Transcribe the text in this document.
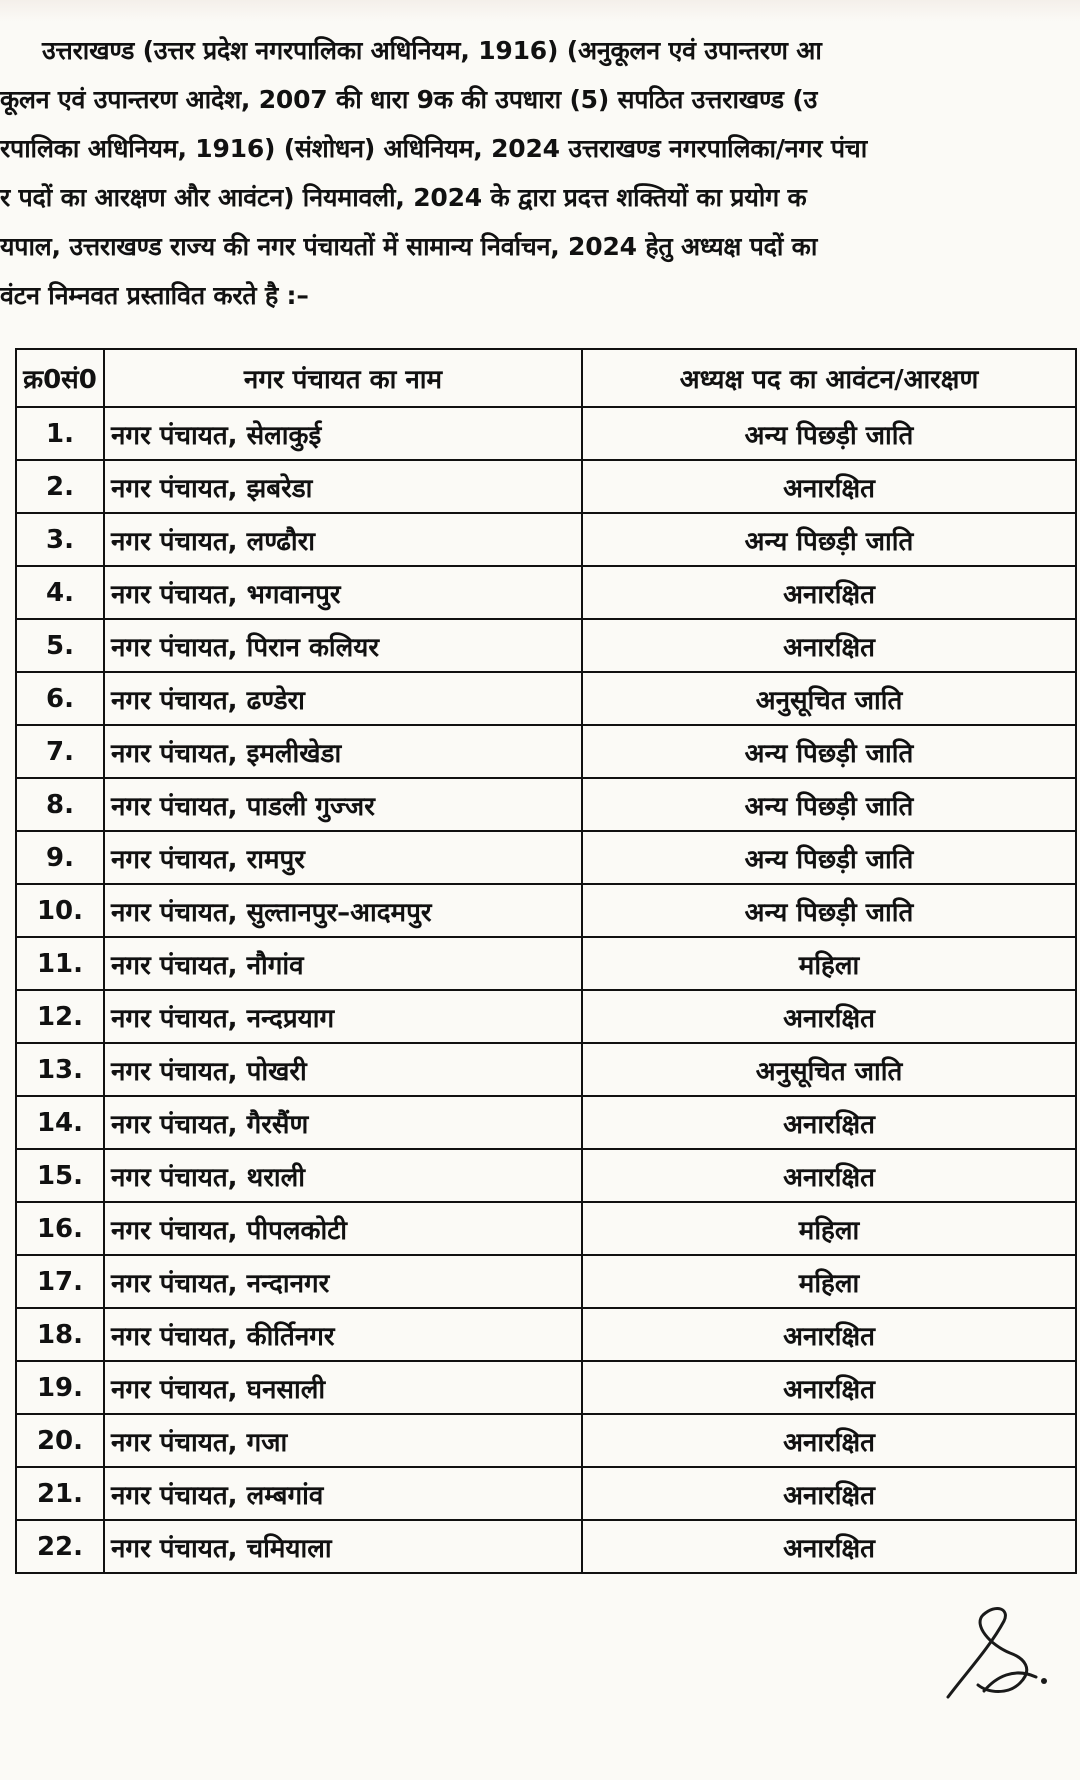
उत्तराखण्ड (उत्तर प्रदेश नगरपालिका अधिनियम, 1916) (अनुकूलन एवं उपान्तरण आ
कूलन एवं उपान्तरण आदेश, 2007 की धारा 9क की उपधारा (5) सपठित उत्तराखण्ड (उ
रपालिका अधिनियम, 1916) (संशोधन) अधिनियम, 2024 उत्तराखण्ड नगरपालिका/नगर पंचा
र पदों का आरक्षण और आवंटन) नियमावली, 2024 के द्वारा प्रदत्त शक्तियों का प्रयोग क
यपाल, उत्तराखण्ड राज्य की नगर पंचायतों में सामान्य निर्वाचन, 2024 हेतु अध्यक्ष पदों का
वंटन निम्नवत प्रस्तावित करते है :–
क्र0सं0	नगर पंचायत का नाम	अध्यक्ष पद का आवंटन/आरक्षण
1.	नगर पंचायत, सेलाकुई	अन्य पिछड़ी जाति
2.	नगर पंचायत, झबरेडा	अनारक्षित
3.	नगर पंचायत, लण्ढौरा	अन्य पिछड़ी जाति
4.	नगर पंचायत, भगवानपुर	अनारक्षित
5.	नगर पंचायत, पिरान कलियर	अनारक्षित
6.	नगर पंचायत, ढण्डेरा	अनुसूचित जाति
7.	नगर पंचायत, इमलीखेडा	अन्य पिछड़ी जाति
8.	नगर पंचायत, पाडली गुज्जर	अन्य पिछड़ी जाति
9.	नगर पंचायत, रामपुर	अन्य पिछड़ी जाति
10.	नगर पंचायत, सुल्तानपुर–आदमपुर	अन्य पिछड़ी जाति
11.	नगर पंचायत, नौगांव	महिला
12.	नगर पंचायत, नन्दप्रयाग	अनारक्षित
13.	नगर पंचायत, पोखरी	अनुसूचित जाति
14.	नगर पंचायत, गैरसैंण	अनारक्षित
15.	नगर पंचायत, थराली	अनारक्षित
16.	नगर पंचायत, पीपलकोटी	महिला
17.	नगर पंचायत, नन्दानगर	महिला
18.	नगर पंचायत, कीर्तिनगर	अनारक्षित
19.	नगर पंचायत, घनसाली	अनारक्षित
20.	नगर पंचायत, गजा	अनारक्षित
21.	नगर पंचायत, लम्बगांव	अनारक्षित
22.	नगर पंचायत, चमियाला	अनारक्षित
